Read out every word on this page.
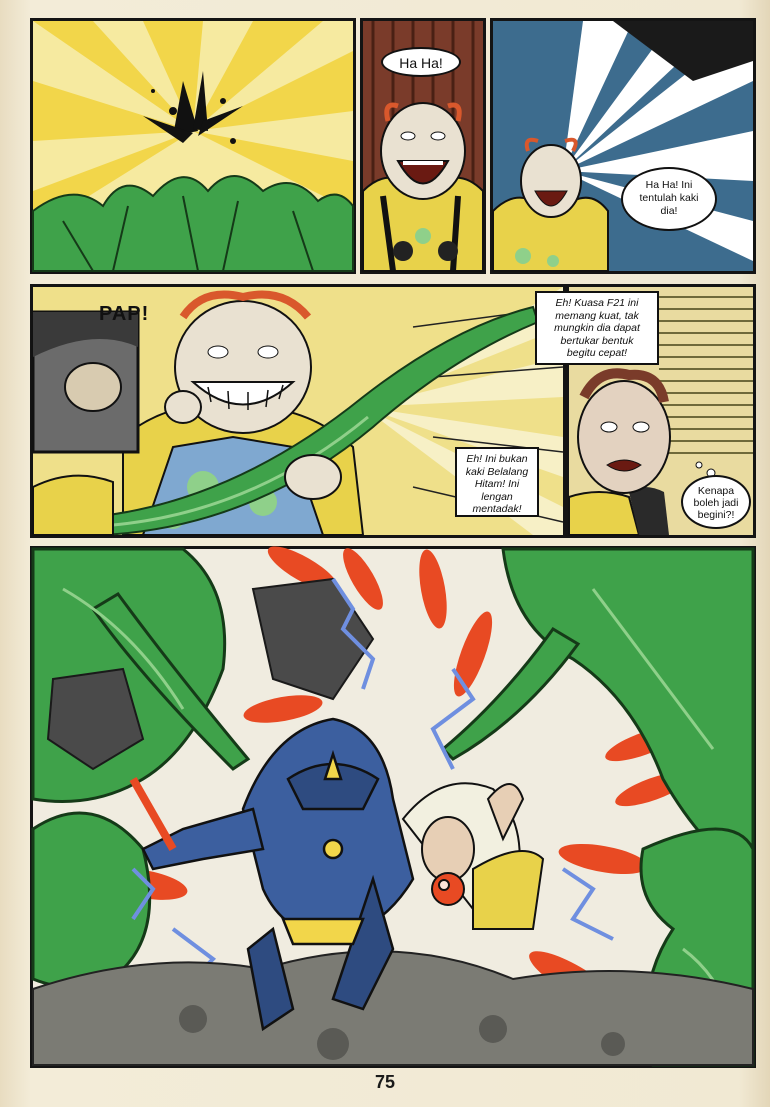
Ha Ha!
Ha Ha! Ini
tentulah kaki
dia!
PAP!
Eh! Ini bukan
kaki Belalang
Hitam! Ini
lengan
mentadak!
Eh! Kuasa F21 ini
memang kuat, tak
mungkin dia dapat
bertukar bentuk
begitu cepat!
Kenapa
boleh jadi
begini?!
75
